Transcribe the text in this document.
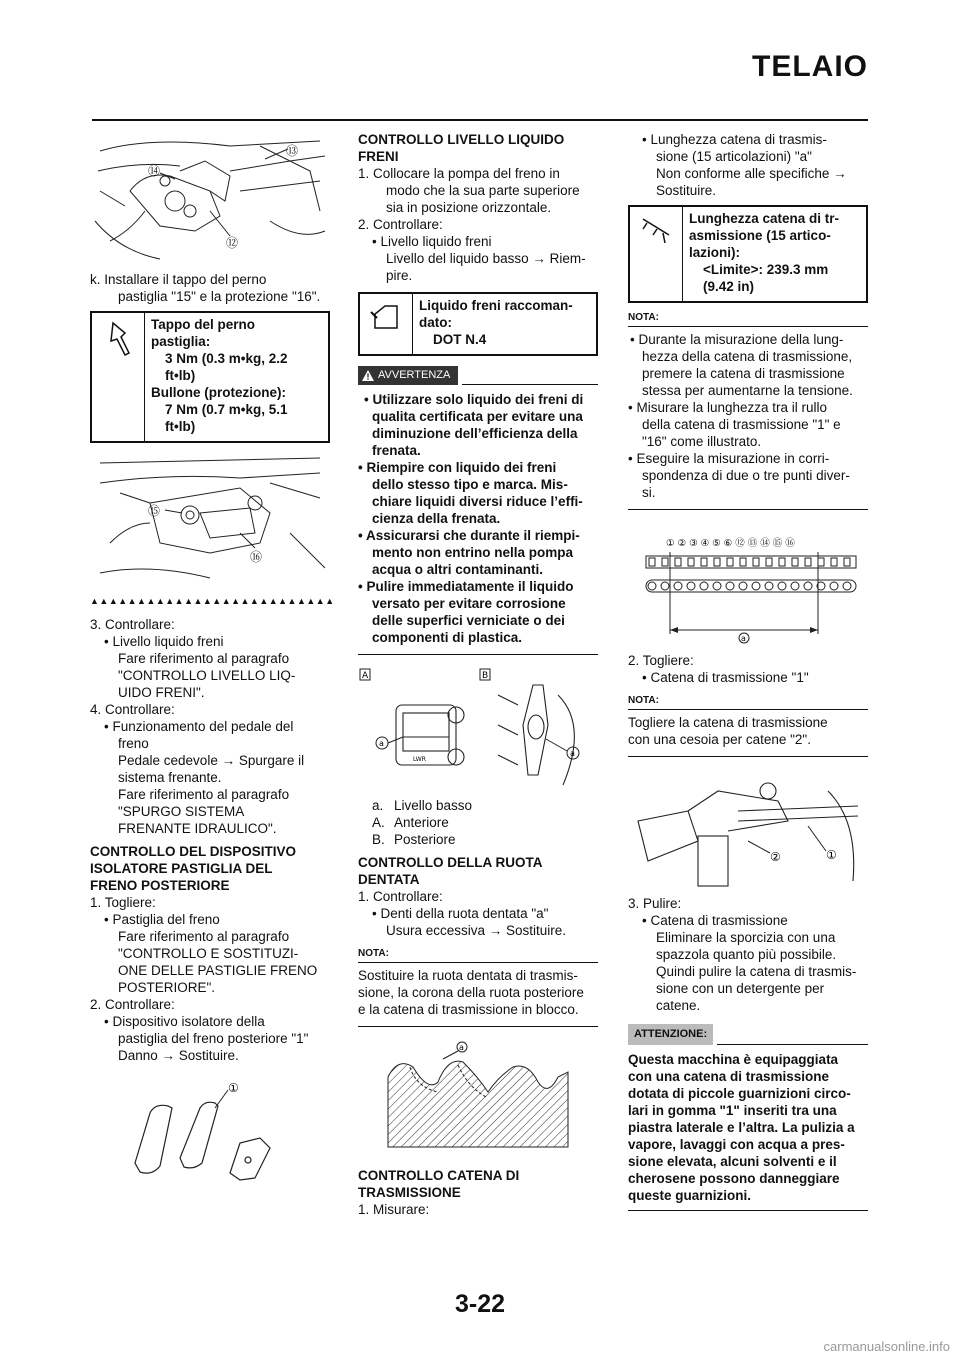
TELAIO
⑬
⑭
⑫

k. Installare il tappo del perno

pastiglia "15" e la protezione "16".

Tappo del perno
pastiglia:
3 Nm (0.3 m•kg, 2.2
ft•lb)
Bullone (protezione):
7 Nm (0.7 m•kg, 5.1
ft•lb)
⑮
⑯
▲▲▲▲▲▲▲▲▲▲▲▲▲▲▲▲▲▲▲▲▲▲▲▲▲▲

3. Controllare:

• Livello liquido freni

Fare riferimento al paragrafo

"CONTROLLO LIVELLO LIQ-

UIDO FRENI".

4. Controllare:

• Funzionamento del pedale del

freno

Pedale cedevole → Spurgare il

sistema frenante.

Fare riferimento al paragrafo

"SPURGO SISTEMA

FRENANTE IDRAULICO".

CONTROLLO DEL DISPOSITIVO

ISOLATORE PASTIGLIA DEL

FRENO POSTERIORE

1. Togliere:

• Pastiglia del freno

Fare riferimento al paragrafo

"CONTROLLO E SOSTITUZI-

ONE DELLE PASTIGLIE FRENO

POSTERIORE".

2. Controllare:

• Dispositivo isolatore della

pastiglia del freno posteriore "1"

Danno → Sostituire.

①

CONTROLLO LIVELLO LIQUIDO

FRENI

1. Collocare la pompa del freno in

modo che la sua parte superiore

sia in posizione orizzontale.

2. Controllare:

• Livello liquido freni

Livello del liquido basso → Riem-

pire.

Liquido freni raccoman-
dato:
DOT N.4
AVVERTENZA

• Utilizzare solo liquido dei freni di

qualita certificata per evitare una

diminuzione dell’efficienza della

frenata.

• Riempire con liquido dei freni

dello stesso tipo e marca. Mis-

chiare liquidi diversi riduce l’effi-

cienza della frenata.

• Assicurarsi che durante il riempi-

mento non entrino nella pompa

acqua o altri contaminanti.

• Pulire immediatamente il liquido

versato per evitare corrosione

delle superfici verniciate o dei

componenti di plastica.

A	B
LWR
a
a
a. Livello basso
A. Anteriore
B. Posteriore

CONTROLLO DELLA RUOTA

DENTATA

1. Controllare:

• Denti della ruota dentata "a"

Usura eccessiva → Sostituire.

NOTA:

Sostituire la ruota dentata di trasmis-

sione, la corona della ruota posteriore

e la catena di trasmissione in blocco.

a

CONTROLLO CATENA DI

TRASMISSIONE

1. Misurare:

• Lunghezza catena di trasmis-

sione (15 articolazioni) "a"

Non conforme alle specifiche →

Sostituire.

Lunghezza catena di tr-
asmissione (15 artico-
lazioni):
<Limite>: 239.3 mm
(9.42 in)
NOTA:

• Durante la misurazione della lung-

hezza della catena di trasmissione,

premere la catena di trasmissione

stessa per aumentarne la tensione.

• Misurare la lunghezza tra il rullo

della catena di trasmissione "1" e

"16" come illustrato.

• Eseguire la misurazione in corri-

spondenza di due o tre punti diver-

si.

① ② ③ ④ ⑤ ⑥ ⑫ ⑬ ⑭ ⑮ ⑯
a

2. Togliere:

• Catena di trasmissione "1"

NOTA:

Togliere la catena di trasmissione

con una cesoia per catene "2".

②	①

3. Pulire:

• Catena di trasmissione

Eliminare la sporcizia con una

spazzola quanto più possibile.

Quindi pulire la catena di trasmis-

sione con un detergente per

catene.

ATTENZIONE:

Questa macchina è equipaggiata

con una catena di trasmissione

dotata di piccole guarnizioni circo-

lari in gomma "1" inseriti tra una

piastra laterale e l’altra. La pulizia a

vapore, lavaggi con acqua a pres-

sione elevata, alcuni solventi e il

cherosene possono danneggiare

queste guarnizioni.

3-22
carmanualsonline.info
